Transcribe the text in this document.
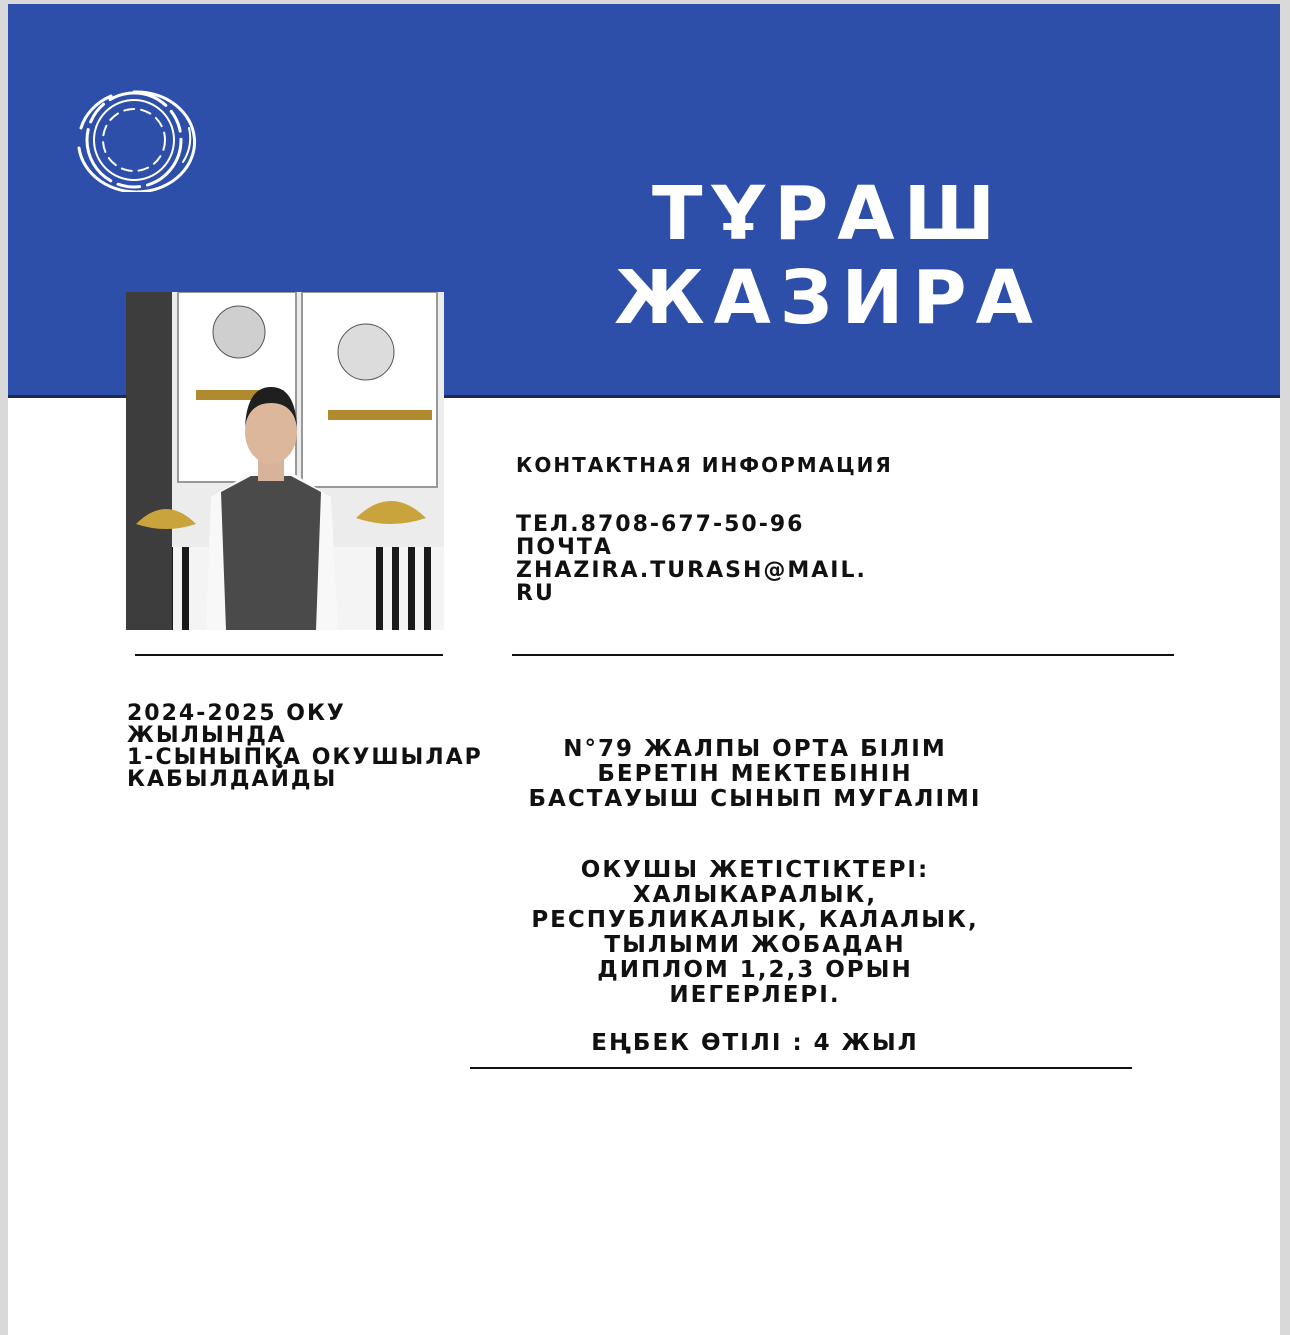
ТҰРАШ
ЖАЗИРА
КОНТАКТНАЯ ИНФОРМАЦИЯ
ТЕЛ.8708-677-50-96
ПОЧТА
ZHAZIRA.TURASH@MAIL.
RU
2024-2025 ОКУ
ЖЫЛЫНДА
1-СЫНЫПҚА ОКУШЫЛАР
КАБЫЛДАЙДЫ
N°79 ЖАЛПЫ ОРТА БІЛІМ
БЕРЕТІН МЕКТЕБІНІН
БАСТАУЫШ СЫНЫП МУГАЛІМІ
ОКУШЫ ЖЕТІСТІКТЕРІ:
ХАЛЫКАРАЛЫК,
РЕСПУБЛИКАЛЫК, КАЛАЛЫК,
ТЫЛЫМИ ЖОБАДАН
ДИПЛОМ 1,2,3 ОРЫН
ИЕГЕРЛЕРІ.
ЕҢБЕК ӨТІЛІ : 4 ЖЫЛ
